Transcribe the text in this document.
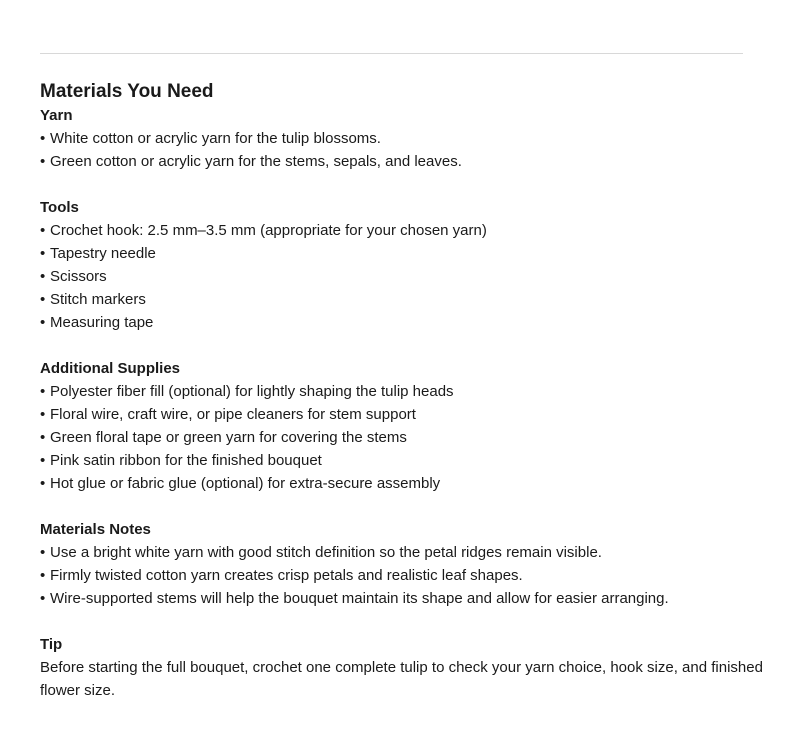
Materials You Need
Yarn
• White cotton or acrylic yarn for the tulip blossoms.
• Green cotton or acrylic yarn for the stems, sepals, and leaves.
Tools
• Crochet hook: 2.5 mm–3.5 mm (appropriate for your chosen yarn)
• Tapestry needle
• Scissors
• Stitch markers
• Measuring tape
Additional Supplies
• Polyester fiber fill (optional) for lightly shaping the tulip heads
• Floral wire, craft wire, or pipe cleaners for stem support
• Green floral tape or green yarn for covering the stems
• Pink satin ribbon for the finished bouquet
• Hot glue or fabric glue (optional) for extra-secure assembly
Materials Notes
• Use a bright white yarn with good stitch definition so the petal ridges remain visible.
• Firmly twisted cotton yarn creates crisp petals and realistic leaf shapes.
• Wire-supported stems will help the bouquet maintain its shape and allow for easier arranging.
Tip

Before starting the full bouquet, crochet one complete tulip to check your yarn choice, hook size, and finished flower size.
